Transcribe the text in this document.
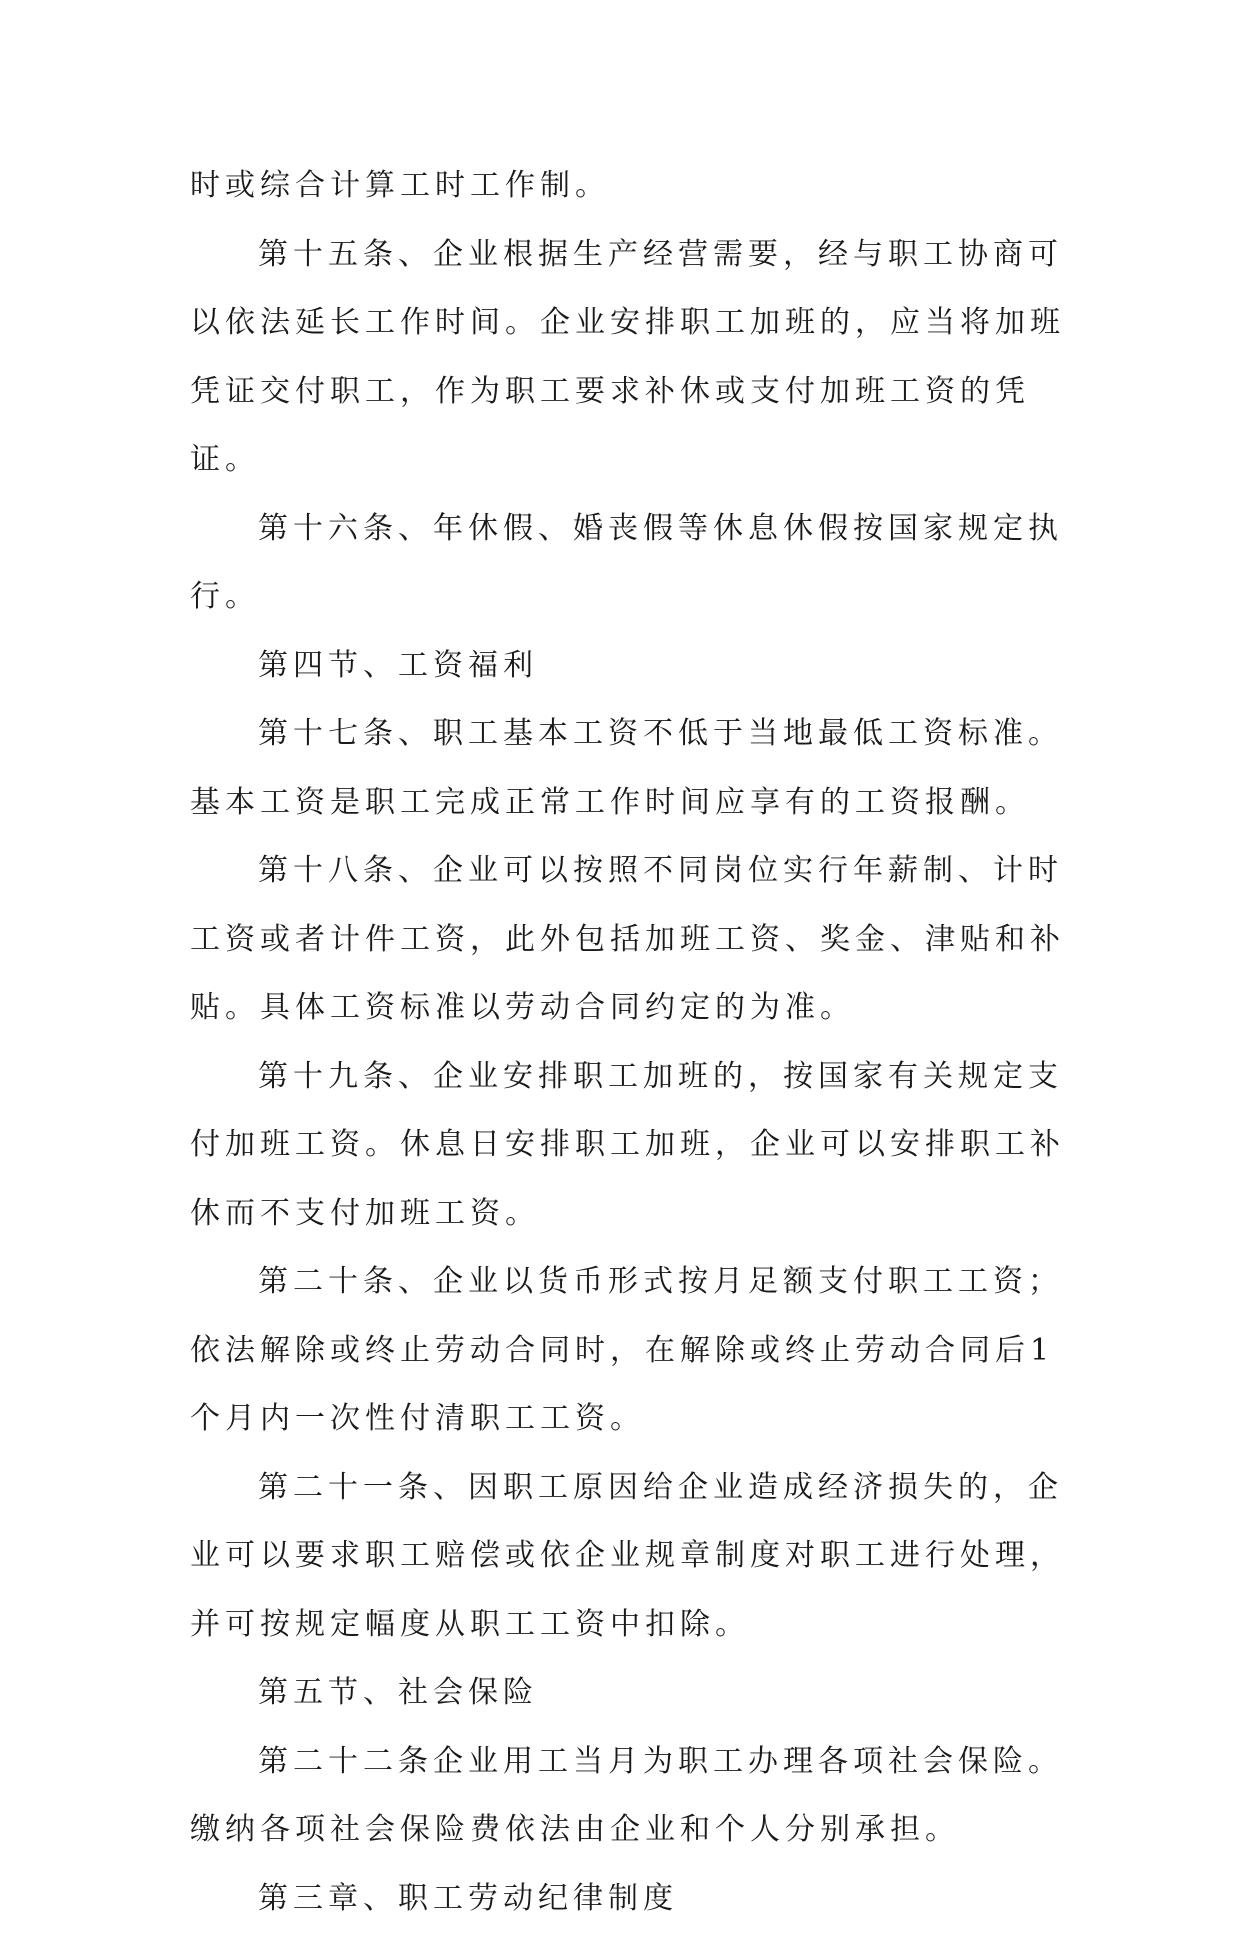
时或综合计算工时工作制。

第十五条、企业根据生产经营需要，经与职工协商可以依法延长工作时间。企业安排职工加班的，应当将加班凭证交付职工，作为职工要求补休或支付加班工资的凭证。

第十六条、年休假、婚丧假等休息休假按国家规定执行。

第四节、工资福利

第十七条、职工基本工资不低于当地最低工资标准。基本工资是职工完成正常工作时间应享有的工资报酬。

第十八条、企业可以按照不同岗位实行年薪制、计时工资或者计件工资，此外包括加班工资、奖金、津贴和补贴。具体工资标准以劳动合同约定的为准。

第十九条、企业安排职工加班的，按国家有关规定支付加班工资。休息日安排职工加班，企业可以安排职工补休而不支付加班工资。

第二十条、企业以货币形式按月足额支付职工工资；依法解除或终止劳动合同时，在解除或终止劳动合同后1个月内一次性付清职工工资。

第二十一条、因职工原因给企业造成经济损失的，企业可以要求职工赔偿或依企业规章制度对职工进行处理，并可按规定幅度从职工工资中扣除。

第五节、社会保险

第二十二条企业用工当月为职工办理各项社会保险。缴纳各项社会保险费依法由企业和个人分别承担。

第三章、职工劳动纪律制度
